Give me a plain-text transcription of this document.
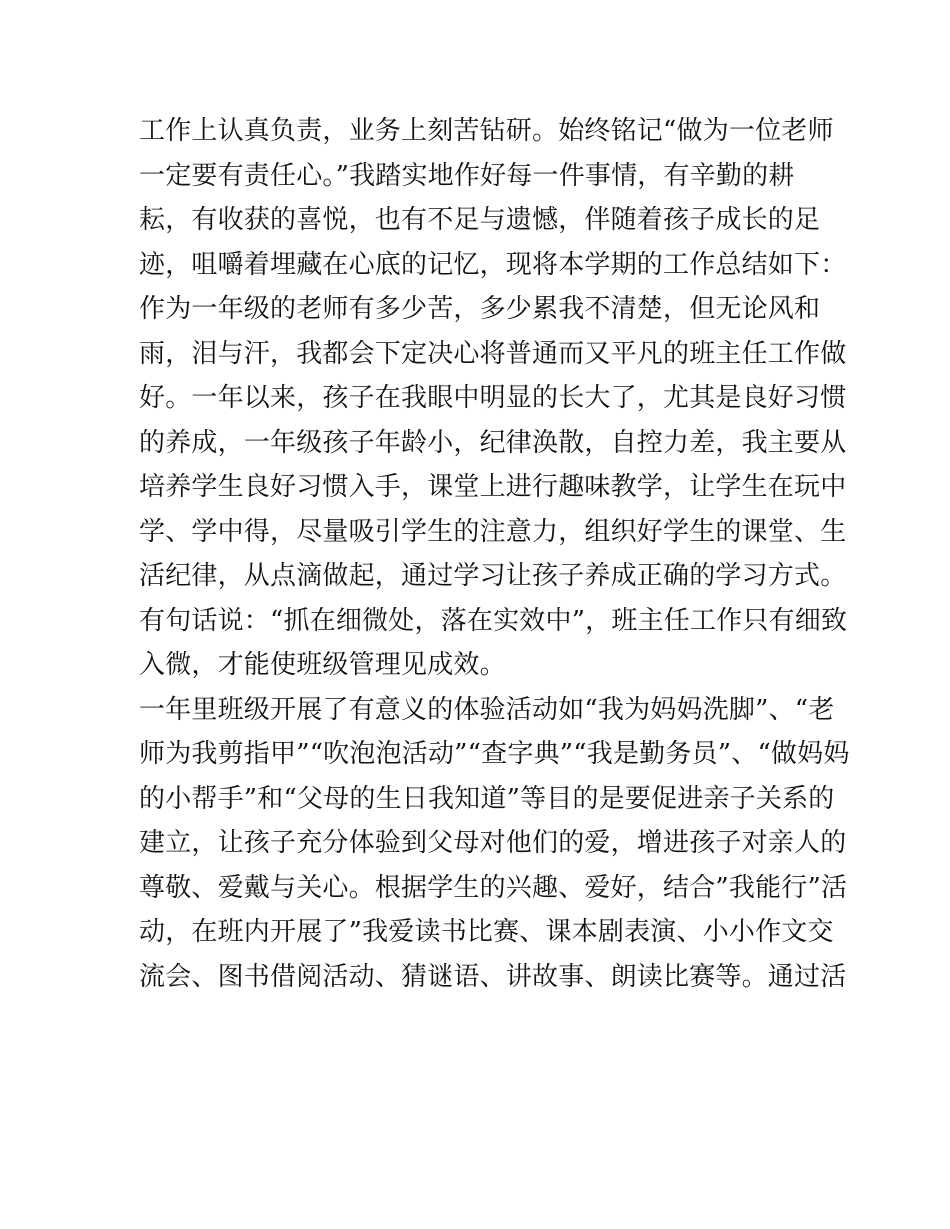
工作上认真负责，业务上刻苦钻研。始终铭记“做为一位老师
一定要有责任心。”我踏实地作好每一件事情，有辛勤的耕
耘，有收获的喜悦，也有不足与遗憾，伴随着孩子成长的足
迹，咀嚼着埋藏在心底的记忆，现将本学期的工作总结如下：
作为一年级的老师有多少苦，多少累我不清楚，但无论风和
雨，泪与汗，我都会下定决心将普通而又平凡的班主任工作做
好。一年以来，孩子在我眼中明显的长大了，尤其是良好习惯
的养成，一年级孩子年龄小，纪律涣散，自控力差，我主要从
培养学生良好习惯入手，课堂上进行趣味教学，让学生在玩中
学、学中得，尽量吸引学生的注意力，组织好学生的课堂、生
活纪律，从点滴做起，通过学习让孩子养成正确的学习方式。
有句话说：“抓在细微处，落在实效中”，班主任工作只有细致
入微，才能使班级管理见成效。
一年里班级开展了有意义的体验活动如“我为妈妈洗脚”、“老
师为我剪指甲”“吹泡泡活动”“查字典”“我是勤务员”、“做妈妈
的小帮手”和“父母的生日我知道”等目的是要促进亲子关系的
建立，让孩子充分体验到父母对他们的爱，增进孩子对亲人的
尊敬、爱戴与关心。根据学生的兴趣、爱好，结合”我能行”活
动，在班内开展了”我爱读书比赛、课本剧表演、小小作文交
流会、图书借阅活动、猜谜语、讲故事、朗读比赛等。通过活
